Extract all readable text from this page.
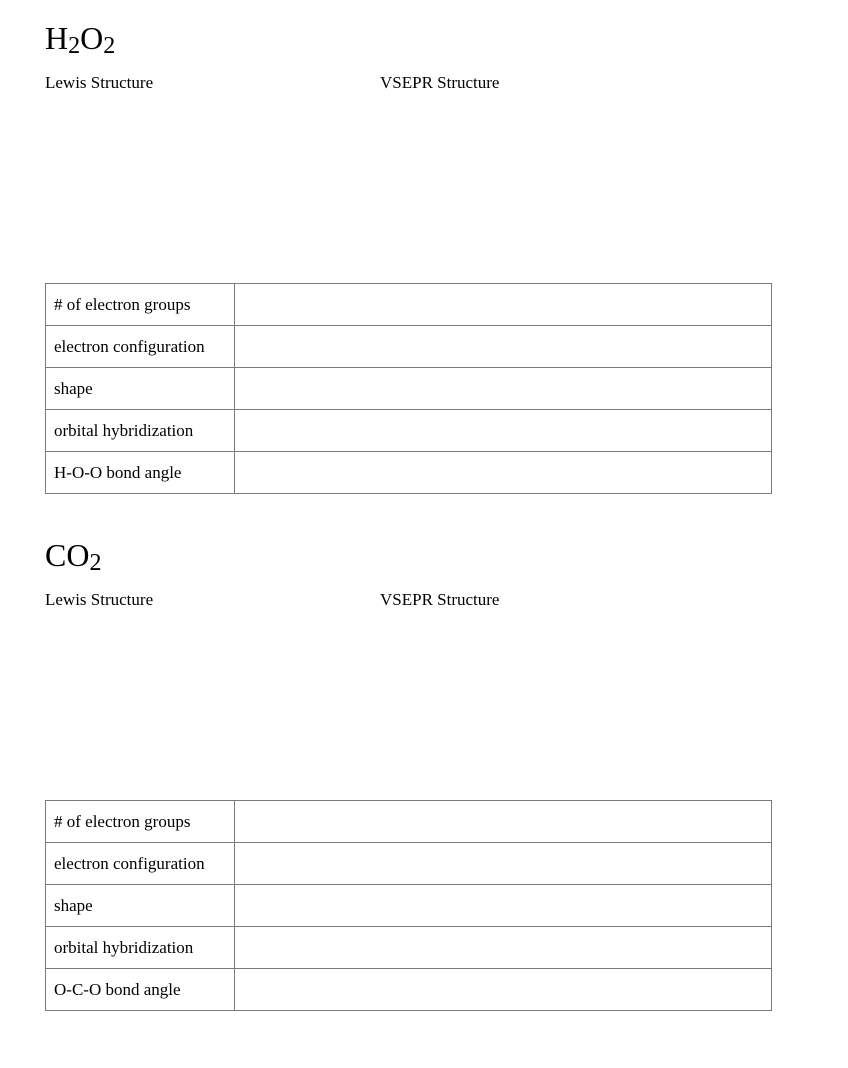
H2O2
Lewis Structure	VSEPR Structure
# of electron groups	
electron configuration	
shape	
orbital hybridization	
H-O-O bond angle	
CO2
Lewis Structure	VSEPR Structure
# of electron groups	
electron configuration	
shape	
orbital hybridization	
O-C-O bond angle	
